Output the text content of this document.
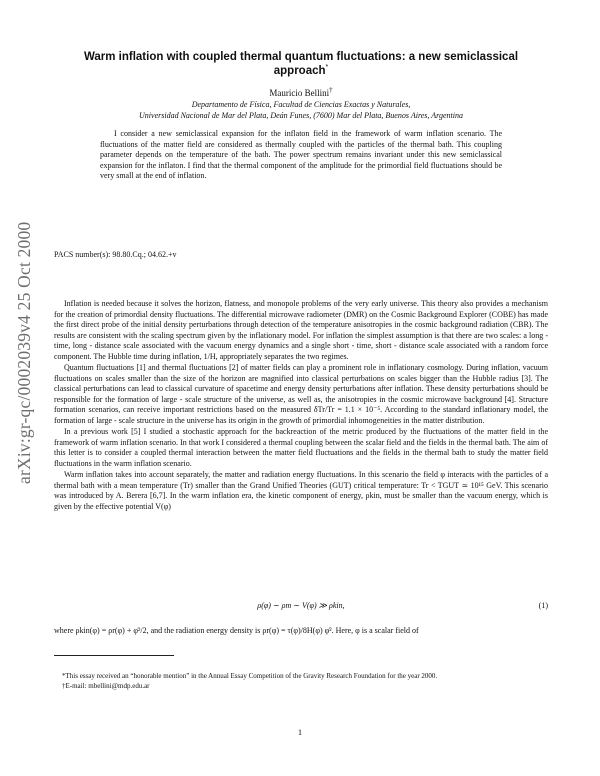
arXiv:gr-qc/0002039v4 25 Oct 2000
Warm inflation with coupled thermal quantum fluctuations: a new semiclassical
approach*
Mauricio Bellini†
Departamento de Física, Facultad de Ciencias Exactas y Naturales,
Universidad Nacional de Mar del Plata, Deán Funes, (7600) Mar del Plata, Buenos Aires, Argentina
I consider a new semiclassical expansion for the inflaton field in the framework of warm inflation scenario. The fluctuations of the matter field are considered as thermally coupled with the particles of the thermal bath. This coupling parameter depends on the temperature of the bath. The power spectrum remains invariant under this new semiclassical expansion for the inflaton. I find that the thermal component of the amplitude for the primordial field fluctuations should be very small at the end of inflation.
PACS number(s): 98.80.Cq.; 04.62.+v

Inflation is needed because it solves the horizon, flatness, and monopole problems of the very early universe. This theory also provides a mechanism for the creation of primordial density fluctuations. The differential microwave radiometer (DMR) on the Cosmic Background Explorer (COBE) has made the first direct probe of the initial density perturbations through detection of the temperature anisotropies in the cosmic background radiation (CBR). The results are consistent with the scaling spectrum given by the inflationary model. For inflation the simplest assumption is that there are two scales: a long - time, long - distance scale associated with the vacuum energy dynamics and a single short - time, short - distance scale associated with a random force component. The Hubble time during inflation, 1/H, appropriately separates the two regimes.

Quantum fluctuations [1] and thermal fluctuations [2] of matter fields can play a prominent role in inflationary cosmology. During inflation, vacuum fluctuations on scales smaller than the size of the horizon are magnified into classical perturbations on scales bigger than the Hubble radius [3]. The classical perturbations can lead to classical curvature of spacetime and energy density perturbations after inflation. These density perturbations should be responsible for the formation of large - scale structure of the universe, as well as, the anisotropies in the cosmic microwave background [4]. Structure formation scenarios, can receive important restrictions based on the measured δTr/Tr = 1.1 × 10⁻⁵. According to the standard inflationary model, the formation of large - scale structure in the universe has its origin in the growth of primordial inhomogeneities in the matter distribution.

In a previous work [5] I studied a stochastic approach for the backreaction of the metric produced by the fluctuations of the matter field in the framework of warm inflation scenario. In that work I considered a thermal coupling between the scalar field and the fields in the thermal bath. The aim of this letter is to consider a coupled thermal interaction between the matter field fluctuations and the fields in the thermal bath to study the matter field fluctuations in the warm inflation scenario.

Warm inflation takes into account separately, the matter and radiation energy fluctuations. In this scenario the field φ interacts with the particles of a thermal bath with a mean temperature (Tr) smaller than the Grand Unified Theories (GUT) critical temperature: Tr < TGUT ≃ 10¹⁵ GeV. This scenario was introduced by A. Berera [6,7]. In the warm inflation era, the kinetic component of energy, ρkin, must be smaller than the vacuum energy, which is given by the effective potential V(φ)

ρ(φ) ∼ ρm ∼ V(φ) ≫ ρkin,	(1)
where ρkin(φ) = ρr(φ) + φ̇²/2, and the radiation energy density is ρr(φ) = τ(φ)/8H(φ) φ̇². Here, φ is a scalar field of
*This essay received an “honorable mention” in the Annual Essay Competition of the Gravity Research Foundation for the year 2000.
†E-mail: mbellini@mdp.edu.ar
1
